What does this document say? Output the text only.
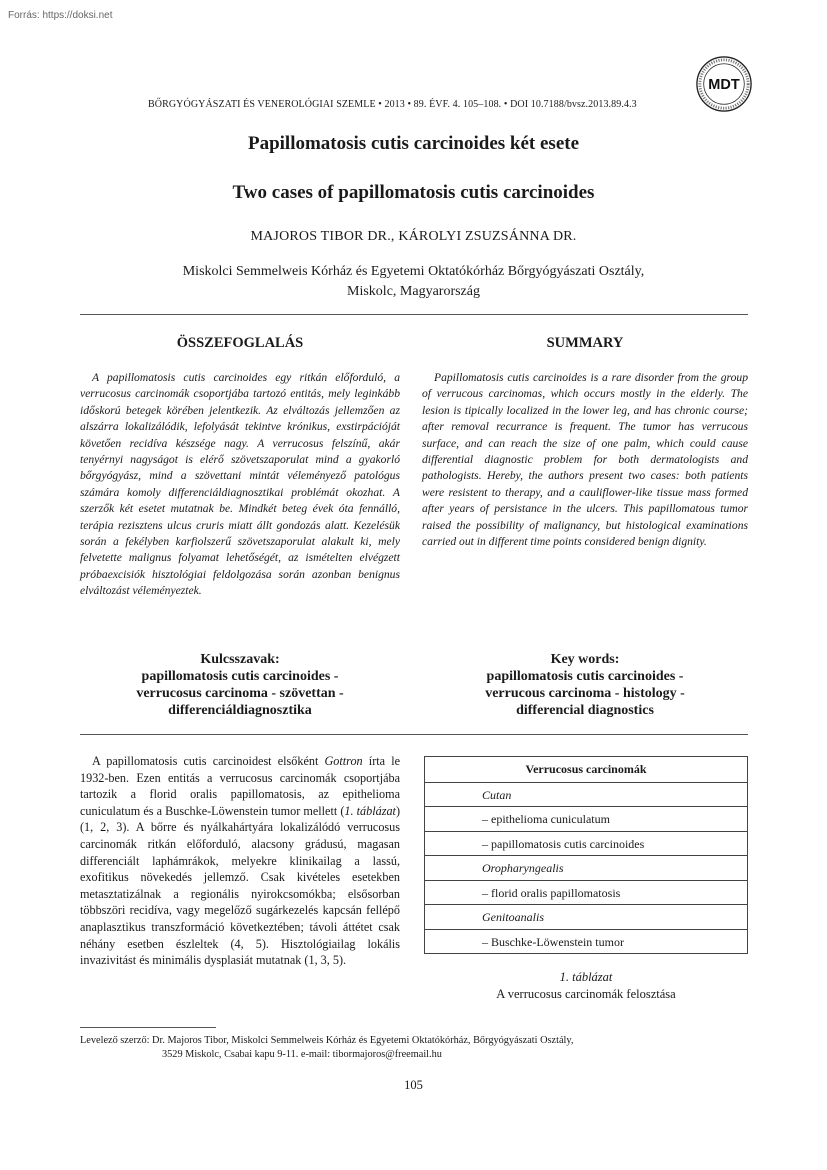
Forrás: https://doksi.net
BŐRGYÓGYÁSZATI ÉS VENEROLÓGIAI SZEMLE • 2013 • 89. ÉVF. 4. 105–108. • DOI 10.7188/bvsz.2013.89.4.3
MDT
Papillomatosis cutis carcinoides két esete
Two cases of papillomatosis cutis carcinoides
MAJOROS TIBOR DR., KÁROLYI ZSUZSÁNNA DR.
Miskolci Semmelweis Kórház és Egyetemi Oktatókórház Bőrgyógyászati Osztály,
Miskolc, Magyarország
ÖSSZEFOGLALÁS	SUMMARY
A papillomatosis cutis carcinoides egy ritkán előforduló, a verrucosus carcinomák csoportjába tartozó entitás, mely leginkább időskorú betegek körében jelentkezik. Az elváltozás jellemzően az alszárra lokalizálódik, lefolyását tekintve krónikus, exstirpációját követően recidíva készsége nagy. A verrucosus felszínű, akár tenyérnyi nagyságot is elérő szövetszaporulat mind a gyakorló bőrgyógyász, mind a szövettani mintát véleményező patológus számára komoly differenciáldiagnosztikai problémát okozhat. A szerzők két esetet mutatnak be. Mindkét beteg évek óta fennálló, terápia rezisztens ulcus cruris miatt állt gondozás alatt. Kezelésük során a fekélyben karfiolszerű szövetszaporulat alakult ki, mely felvetette malignus folyamat lehetőségét, az ismételten elvégzett próbaexcisiók hisztológiai feldolgozása során azonban benignus elváltozást véleményeztek.
Papillomatosis cutis carcinoides is a rare disorder from the group of verrucous carcinomas, which occurs mostly in the elderly. The lesion is tipically localized in the lower leg, and has chronic course; after removal recurrance is frequent. The tumor has verrucous surface, and can reach the size of one palm, which could cause differential diagnostic problem for both dermatologists and pathologists. Hereby, the authors present two cases: both patients were resistent to therapy, and a cauliflower-like tissue mass formed after years of persistance in the ulcers. This papillomatous tumor raised the possibility of malignancy, but histological examinations carried out in different time points considered benign dignity.
Kulcsszavak:
papillomatosis cutis carcinoides -
verrucosus carcinoma - szövettan -
differenciáldiagnosztika
Key words:
papillomatosis cutis carcinoides -
verrucous carcinoma - histology -
differencial diagnostics
A papillomatosis cutis carcinoidest elsőként Gottron írta le 1932-ben. Ezen entitás a verrucosus carcinomák csoportjába tartozik a florid oralis papillomatosis, az epithelioma cuniculatum és a Buschke-Löwenstein tumor mellett (1. táblázat) (1, 2, 3). A bőrre és nyálkahártyára lokalizálódó verrucosus carcinomák ritkán előforduló, alacsony grádusú, magasan differenciált laphámrákok, melyekre klinikailag a lassú, exofitikus növekedés jellemző. Csak kivételes esetekben metasztatizálnak a regionális nyirokcsomókba; elsősorban többszöri recidíva, vagy megelőző sugárkezelés kapcsán fellépő anaplasztikus transzformáció következtében; távoli áttétet csak néhány esetben észleltek (4, 5). Hisztológiailag lokális invazivitást és minimális dysplasiát mutatnak (1, 3, 5).
Verrucosus carcinomák
Cutan
– epithelioma cuniculatum
– papillomatosis cutis carcinoides
Oropharyngealis
– florid oralis papillomatosis
Genitoanalis
– Buschke-Löwenstein tumor
1. táblázat
A verrucosus carcinomák felosztása
Levelező szerző: Dr. Majoros Tibor, Miskolci Semmelweis Kórház és Egyetemi Oktatókórház, Bőrgyógyászati Osztály,
3529 Miskolc, Csabai kapu 9-11. e-mail: tibormajoros@freemail.hu
105
